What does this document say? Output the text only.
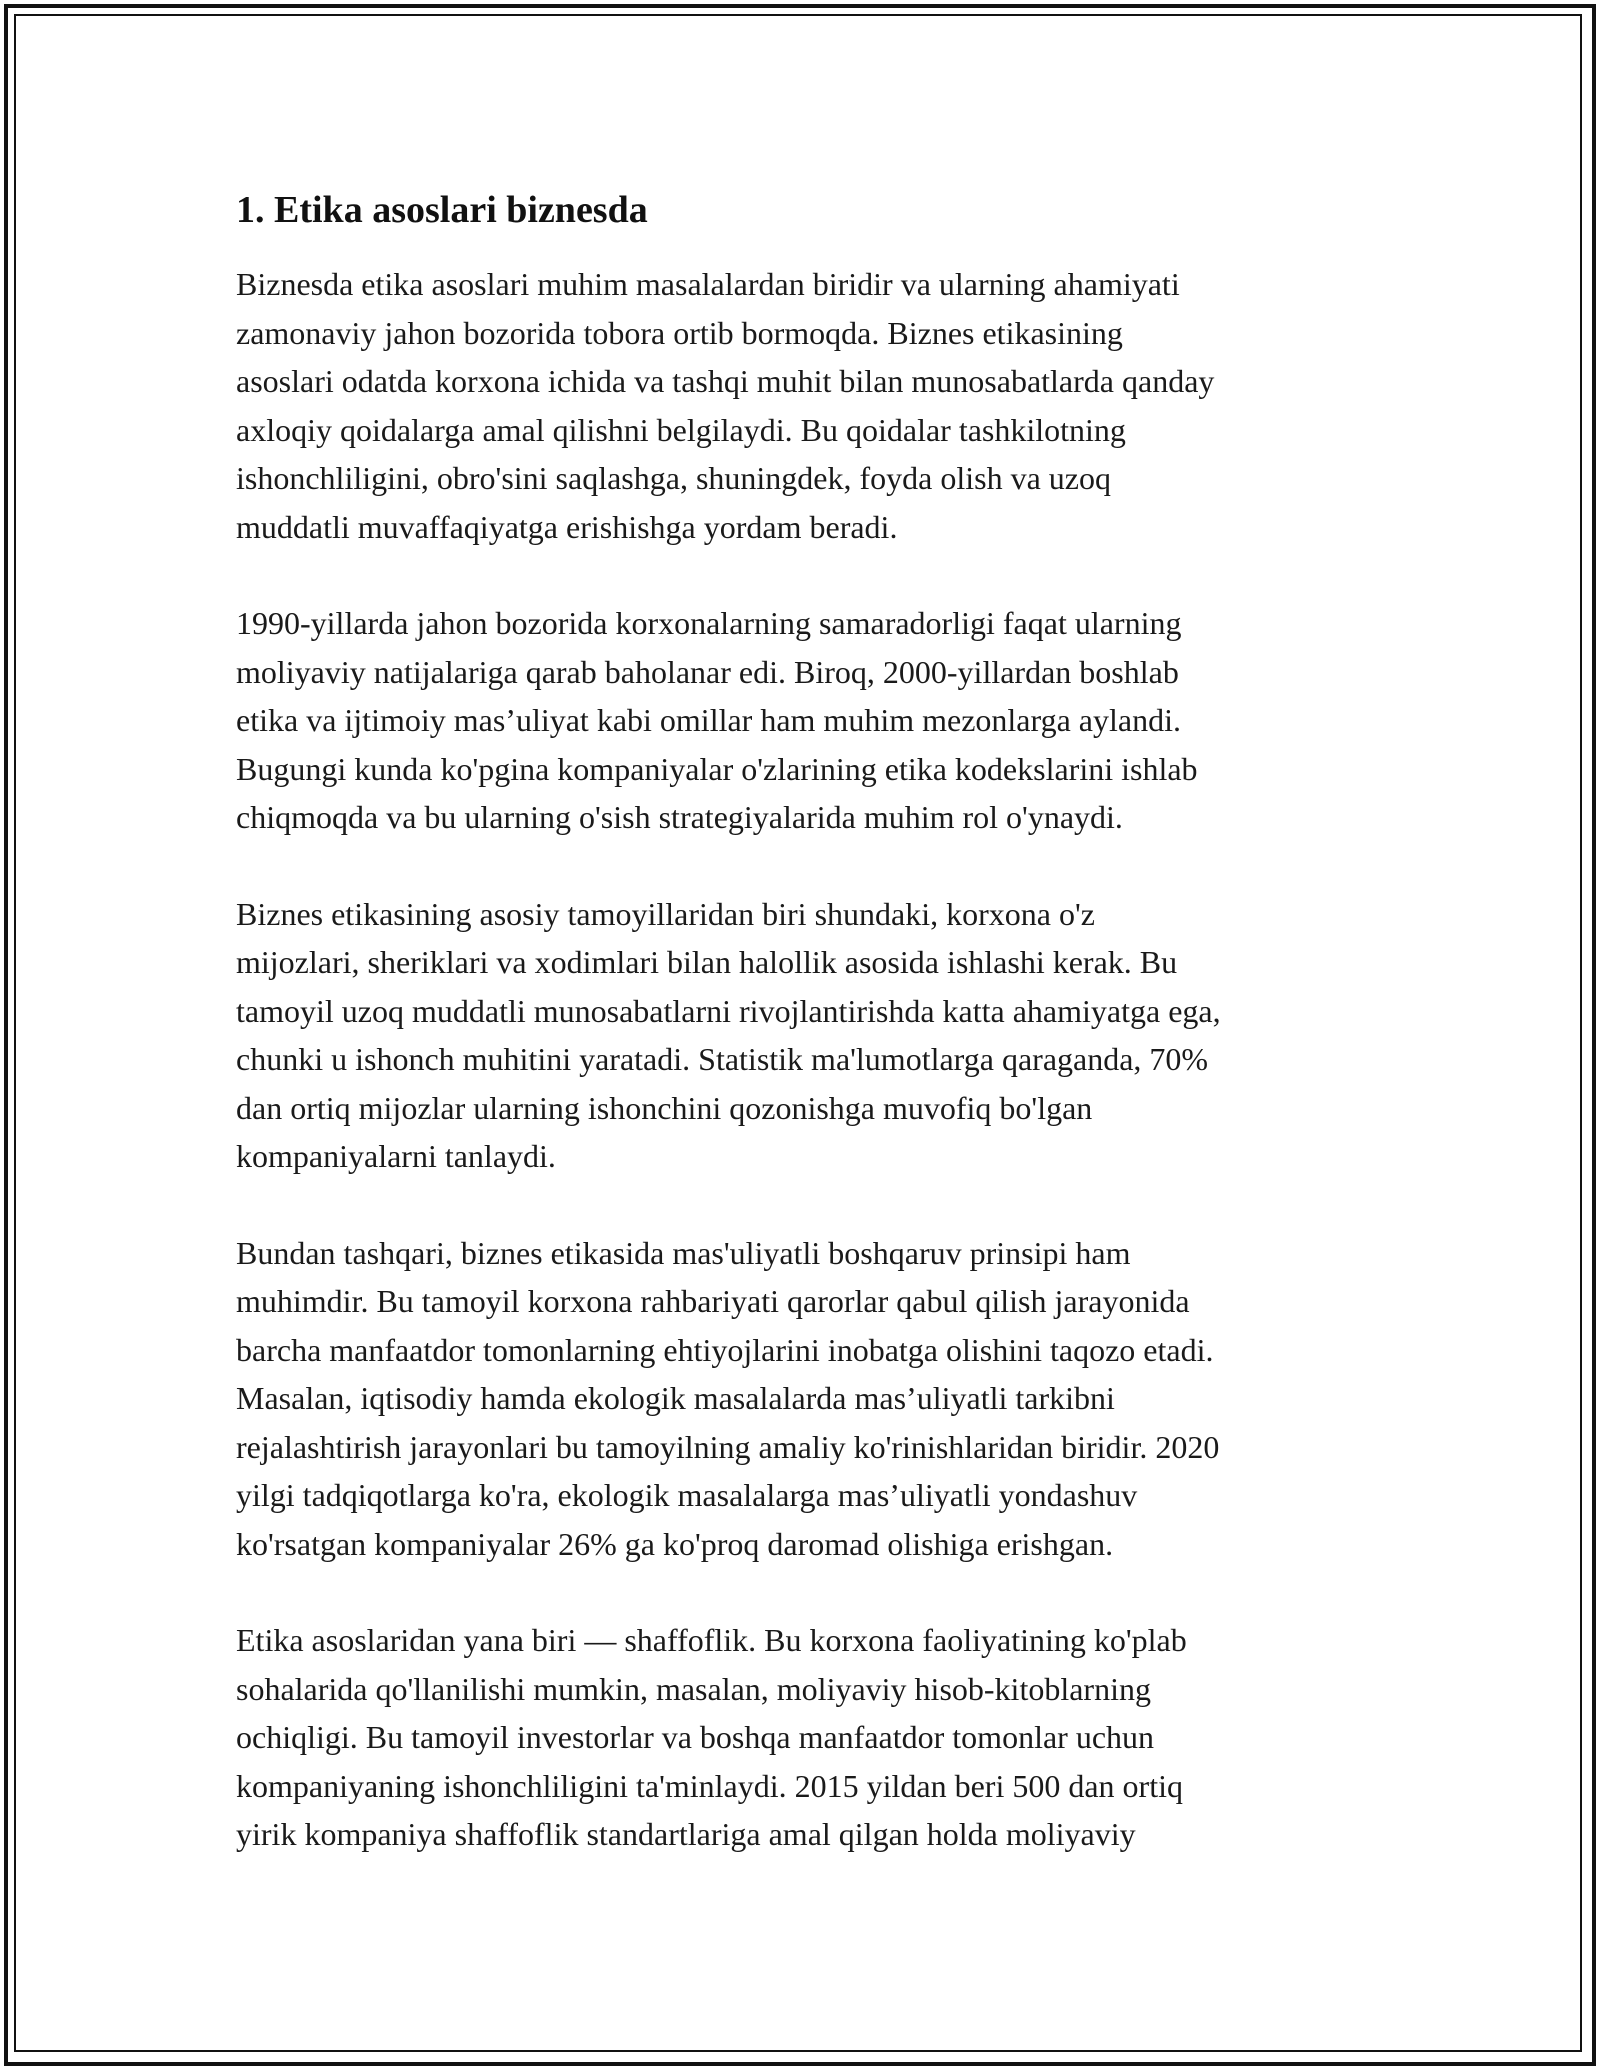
1. Etika asoslari biznesda

Biznesda etika asoslari muhim masalalardan biridir va ularning ahamiyati
zamonaviy jahon bozorida tobora ortib bormoqda. Biznes etikasining
asoslari odatda korxona ichida va tashqi muhit bilan munosabatlarda qanday
axloqiy qoidalarga amal qilishni belgilaydi. Bu qoidalar tashkilotning
ishonchliligini, obro'sini saqlashga, shuningdek, foyda olish va uzoq
muddatli muvaffaqiyatga erishishga yordam beradi.

1990-yillarda jahon bozorida korxonalarning samaradorligi faqat ularning
moliyaviy natijalariga qarab baholanar edi. Biroq, 2000-yillardan boshlab
etika va ijtimoiy mas’uliyat kabi omillar ham muhim mezonlarga aylandi.
Bugungi kunda ko'pgina kompaniyalar o'zlarining etika kodekslarini ishlab
chiqmoqda va bu ularning o'sish strategiyalarida muhim rol o'ynaydi.

Biznes etikasining asosiy tamoyillaridan biri shundaki, korxona o'z
mijozlari, sheriklari va xodimlari bilan halollik asosida ishlashi kerak. Bu
tamoyil uzoq muddatli munosabatlarni rivojlantirishda katta ahamiyatga ega,
chunki u ishonch muhitini yaratadi. Statistik ma'lumotlarga qaraganda, 70%
dan ortiq mijozlar ularning ishonchini qozonishga muvofiq bo'lgan
kompaniyalarni tanlaydi.

Bundan tashqari, biznes etikasida mas'uliyatli boshqaruv prinsipi ham
muhimdir. Bu tamoyil korxona rahbariyati qarorlar qabul qilish jarayonida
barcha manfaatdor tomonlarning ehtiyojlarini inobatga olishini taqozo etadi.
Masalan, iqtisodiy hamda ekologik masalalarda mas’uliyatli tarkibni
rejalashtirish jarayonlari bu tamoyilning amaliy ko'rinishlaridan biridir. 2020
yilgi tadqiqotlarga ko'ra, ekologik masalalarga mas’uliyatli yondashuv
ko'rsatgan kompaniyalar 26% ga ko'proq daromad olishiga erishgan.

Etika asoslaridan yana biri — shaffoflik. Bu korxona faoliyatining ko'plab
sohalarida qo'llanilishi mumkin, masalan, moliyaviy hisob-kitoblarning
ochiqligi. Bu tamoyil investorlar va boshqa manfaatdor tomonlar uchun
kompaniyaning ishonchliligini ta'minlaydi. 2015 yildan beri 500 dan ortiq
yirik kompaniya shaffoflik standartlariga amal qilgan holda moliyaviy
